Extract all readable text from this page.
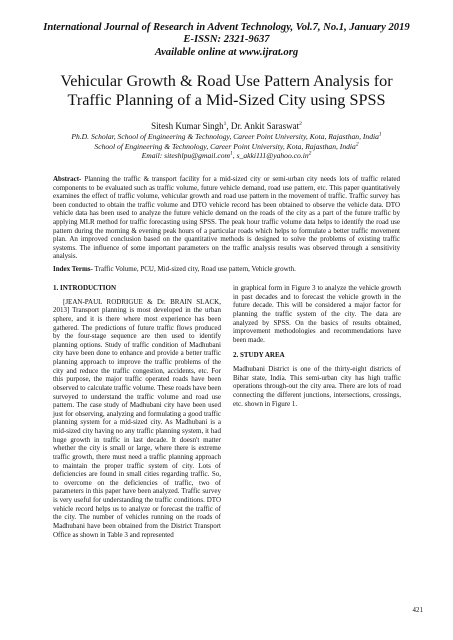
International Journal of Research in Advent Technology, Vol.7, No.1, January 2019
E-ISSN: 2321-9637
Available online at www.ijrat.org
Vehicular Growth & Road Use Pattern Analysis for
Traffic Planning of a Mid-Sized City using SPSS
Sitesh Kumar Singh$^1$, Dr. Ankit Saraswat$^2$
Ph.D. Scholar, School of Engineering & Technology, Career Point University, Kota, Rajasthan, India$^1$
School of Engineering & Technology, Career Point University, Kota, Rajasthan, India$^2$
Email: siteshlpu@gmail.com$^1$, $s\_akki111@yahoo.co.in^2$
Abstract- Planning the traffic & transport facility for a mid-sized city or semi-urban city needs lots of traffic related components to be evaluated such as traffic volume, future vehicle demand, road use pattern, etc. This paper quantitatively examines the effect of traffic volume, vehicular growth and road use pattern in the movement of traffic. Traffic survey has been conducted to obtain the traffic volume and DTO vehicle record has been obtained to observe the vehicle data. DTO vehicle data has been used to analyze the future vehicle demand on the roads of the city as a part of the future traffic by applying MLR method for traffic forecasting using SPSS. The peak hour traffic volume data helps to identify the road use pattern during the morning & evening peak hours of a particular roads which helps to formulate a better traffic movement plan. An improved conclusion based on the quantitative methods is designed to solve the problems of existing traffic systems. The influence of some important parameters on the traffic analysis results was observed through a sensitivity analysis.
Index Terms- Traffic Volume, PCU, Mid-sized city, Road use pattern, Vehicle growth.
1. INTRODUCTION

[JEAN-PAUL RODRIGUE & Dr. BRAIN SLACK, 2013] Transport planning is most developed in the urban sphere, and it is there where most experience has been gathered. The predictions of future traffic flows produced by the four-stage sequence are then used to identify planning options. Study of traffic condition of Madhubani city have been done to enhance and provide a better traffic planning approach to improve the traffic problems of the city and reduce the traffic congestion, accidents, etc. For this purpose, the major traffic operated roads have been observed to calculate traffic volume. These roads have been surveyed to understand the traffic volume and road use pattern. The case study of Madhubani city have been used just for observing, analyzing and formulating a good traffic planning system for a mid-sized city. As Madhubani is a mid-sized city having no any traffic planning system, it had huge growth in traffic in last decade. It doesn't matter whether the city is small or large, where there is extreme traffic growth, there must need a traffic planning approach to maintain the proper traffic system of city. Lots of deficiencies are found in small cities regarding traffic. So, to overcome on the deficiencies of traffic, two of parameters in this paper have been analyzed. Traffic survey is very useful for understanding the traffic conditions. DTO vehicle record helps us to analyze or forecast the traffic of the city. The number of vehicles running on the roads of Madhubani have been obtained from the District Transport Office as shown in Table 3 and represented

in graphical form in Figure 3 to analyze the vehicle growth in past decades and to forecast the vehicle growth in the future decade. This will be considered a major factor for planning the traffic system of the city. The data are analyzed by SPSS. On the basics of results obtained, improvement methodologies and recommendations have been made.

2. STUDY AREA

Madhubani District is one of the thirty-eight districts of Bihar state, India. This semi-urban city has high traffic operations through-out the city area. There are lots of road connecting the different junctions, intersections, crossings, etc. shown in Figure 1.

421
